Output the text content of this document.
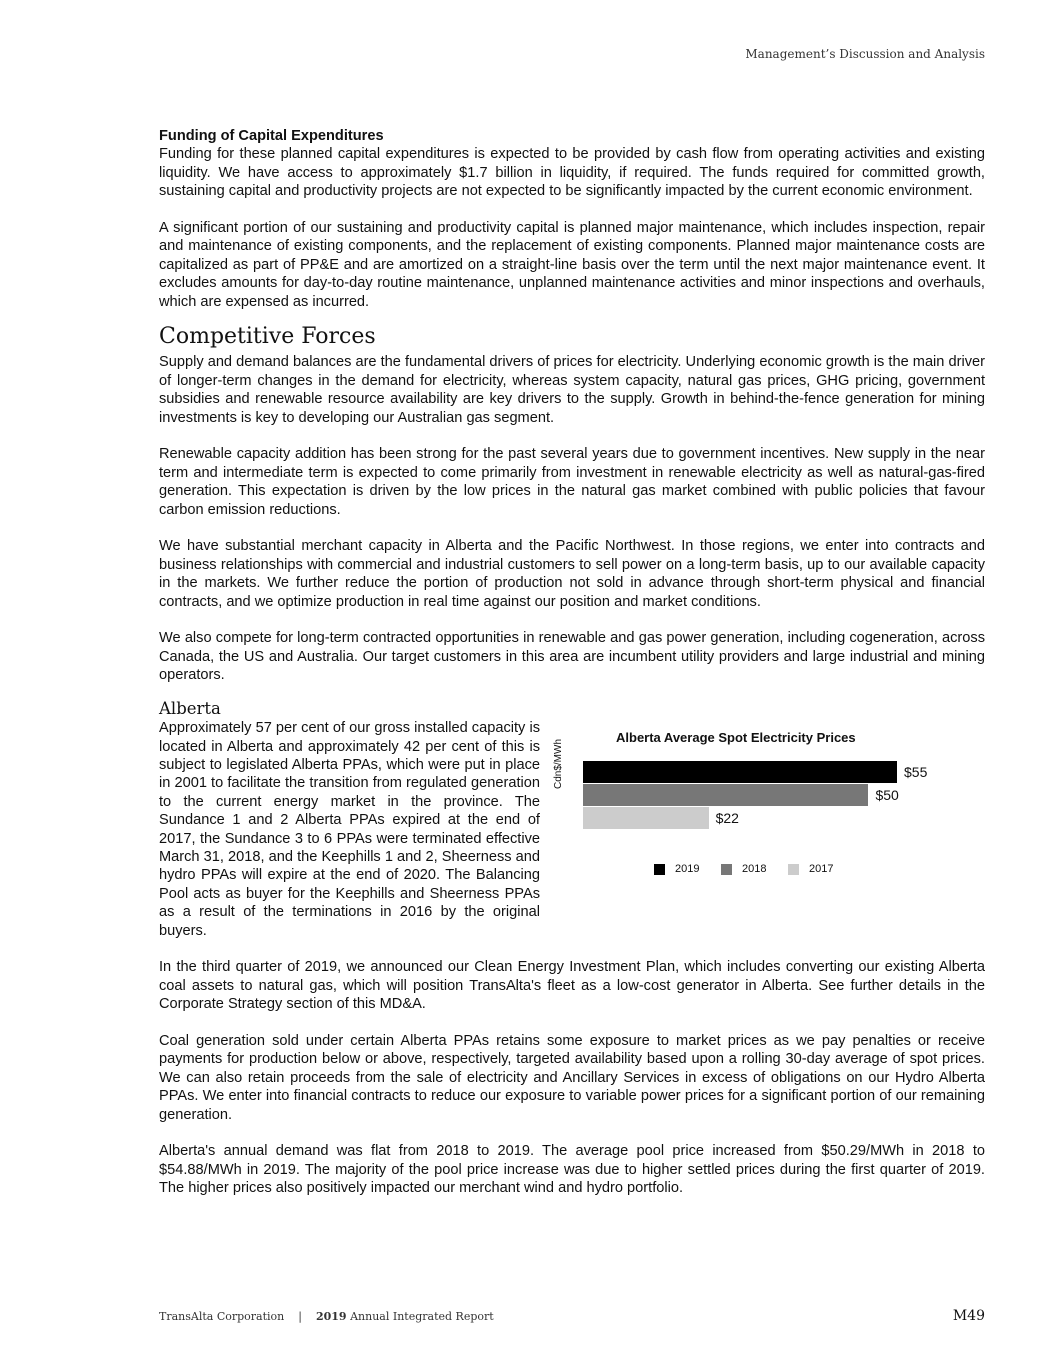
Management’s Discussion and Analysis
Funding of Capital Expenditures

Funding for these planned capital expenditures is expected to be provided by cash flow from operating activities and existing liquidity. We have access to approximately $1.7 billion in liquidity, if required. The funds required for committed growth, sustaining capital and productivity projects are not expected to be significantly impacted by the current economic environment.

A significant portion of our sustaining and productivity capital is planned major maintenance, which includes inspection, repair and maintenance of existing components, and the replacement of existing components. Planned major maintenance costs are capitalized as part of PP&E and are amortized on a straight-line basis over the term until the next major maintenance event. It excludes amounts for day-to-day routine maintenance, unplanned maintenance activities and minor inspections and overhauls, which are expensed as incurred.

Competitive Forces

Supply and demand balances are the fundamental drivers of prices for electricity. Underlying economic growth is the main driver of longer-term changes in the demand for electricity, whereas system capacity, natural gas prices, GHG pricing, government subsidies and renewable resource availability are key drivers to the supply. Growth in behind-the-fence generation for mining investments is key to developing our Australian gas segment.

Renewable capacity addition has been strong for the past several years due to government incentives. New supply in the near term and intermediate term is expected to come primarily from investment in renewable electricity as well as natural-gas-fired generation. This expectation is driven by the low prices in the natural gas market combined with public policies that favour carbon emission reductions.

We have substantial merchant capacity in Alberta and the Pacific Northwest. In those regions, we enter into contracts and business relationships with commercial and industrial customers to sell power on a long-term basis, up to our available capacity in the markets. We further reduce the portion of production not sold in advance through short-term physical and financial contracts, and we optimize production in real time against our position and market conditions.

We also compete for long-term contracted opportunities in renewable and gas power generation, including cogeneration, across Canada, the US and Australia. Our target customers in this area are incumbent utility providers and large industrial and mining operators.

Alberta

Approximately 57 per cent of our gross installed capacity is located in Alberta and approximately 42 per cent of this is subject to legislated Alberta PPAs, which were put in place in 2001 to facilitate the transition from regulated generation to the current energy market in the province. The Sundance 1 and 2 Alberta PPAs expired at the end of 2017, the Sundance 3 to 6 PPAs were terminated effective March 31, 2018, and the Keephills 1 and 2, Sheerness and hydro PPAs will expire at the end of 2020. The Balancing Pool acts as buyer for the Keephills and Sheerness PPAs as a result of the terminations in 2016 by the original buyers.

Alberta Average Spot Electricity Prices
Cdn$/MWh	$55
2019
$50
2018
$22
2017

In the third quarter of 2019, we announced our Clean Energy Investment Plan, which includes converting our existing Alberta coal assets to natural gas, which will position TransAlta's fleet as a low-cost generator in Alberta. See further details in the Corporate Strategy section of this MD&A.

Coal generation sold under certain Alberta PPAs retains some exposure to market prices as we pay penalties or receive payments for production below or above, respectively, targeted availability based upon a rolling 30-day average of spot prices. We can also retain proceeds from the sale of electricity and Ancillary Services in excess of obligations on our Hydro Alberta PPAs. We enter into financial contracts to reduce our exposure to variable power prices for a significant portion of our remaining generation.

Alberta's annual demand was flat from 2018 to 2019. The average pool price increased from $50.29/MWh in 2018 to $54.88/MWh in 2019. The majority of the pool price increase was due to higher settled prices during the first quarter of 2019. The higher prices also positively impacted our merchant wind and hydro portfolio.

TransAlta Corporation | 2019 Annual Integrated Report	M49
